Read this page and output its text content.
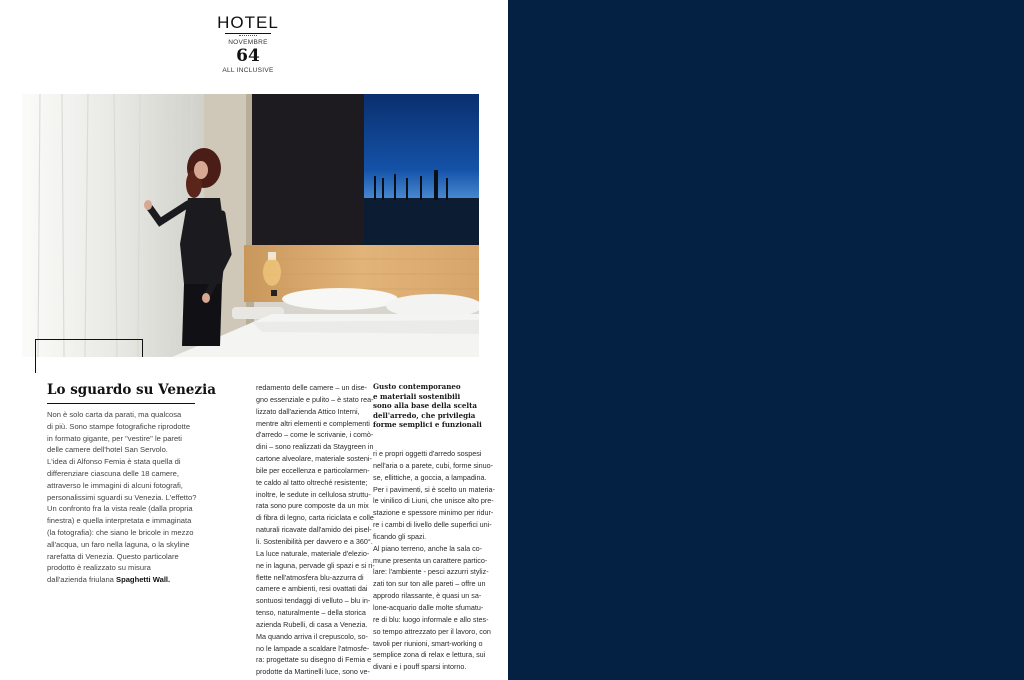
HOTEL
NOVEMBRE
64
ALL INCLUSIVE
Lo sguardo su Venezia
Non è solo carta da parati, ma qualcosa
di più. Sono stampe fotografiche riprodotte
in formato gigante, per "vestire" le pareti
delle camere dell'hotel San Servolo.
L'idea di Alfonso Femia è stata quella di
differenziare ciascuna delle 18 camere,
attraverso le immagini di alcuni fotografi,
personalissimi sguardi su Venezia. L'effetto?
Un confronto fra la vista reale (dalla propria
finestra) e quella interpretata e immaginata
(la fotografia): che siano le bricole in mezzo
all'acqua, un faro nella laguna, o la skyline
rarefatta di Venezia. Questo particolare
prodotto è realizzato su misura
dall'azienda friulana Spaghetti Wall.
redamento delle camere – un dise-
gno essenziale e pulito – è stato rea-
lizzato dall'azienda Attico Interni,
mentre altri elementi e complementi
d'arredo – come le scrivanie, i comò-
dini – sono realizzati da Staygreen in
cartone alveolare, materiale sosteni-
bile per eccellenza e particolarmen-
te caldo al tatto oltreché resistente;
inoltre, le sedute in cellulosa struttu-
rata sono pure composte da un mix
di fibra di legno, carta riciclata e colle
naturali ricavate dall'amido dei pisel-
li. Sostenibilità per davvero e a 360°.
La luce naturale, materiale d'elezio-
ne in laguna, pervade gli spazi e si ri-
flette nell'atmosfera blu-azzurra di
camere e ambienti, resi ovattati dai
sontuosi tendaggi di velluto – blu in-
tenso, naturalmente – della storica
azienda Rubelli, di casa a Venezia.
Ma quando arriva il crepuscolo, so-
no le lampade a scaldare l'atmosfe-
ra: progettate su disegno di Femia e
prodotte da Martinelli luce, sono ve-
Gusto contemporaneo
e materiali sostenibili
sono alla base della scelta
dell'arredo, che privilegia
forme semplici e funzionali
ri e propri oggetti d'arredo sospesi
nell'aria o a parete, cubi, forme sinuo-
se, ellittiche, a goccia, a lampadina.
Per i pavimenti, si è scelto un materia-
le vinilico di Liuni, che unisce alto pre-
stazione e spessore minimo per ridur-
re i cambi di livello delle superfici uni-
ficando gli spazi.
Al piano terreno, anche la sala co-
mune presenta un carattere partico-
lare: l'ambiente - pesci azzurri styliz-
zati ton sur ton alle pareti – offre un
approdo rilassante, è quasi un sa-
lone-acquario dalle molte sfumatu-
re di blu: luogo informale e allo stes-
so tempo attrezzato per il lavoro, con
tavoli per riunioni, smart-working o
semplice zona di relax e lettura, sui
divani e i pouff sparsi intorno.
